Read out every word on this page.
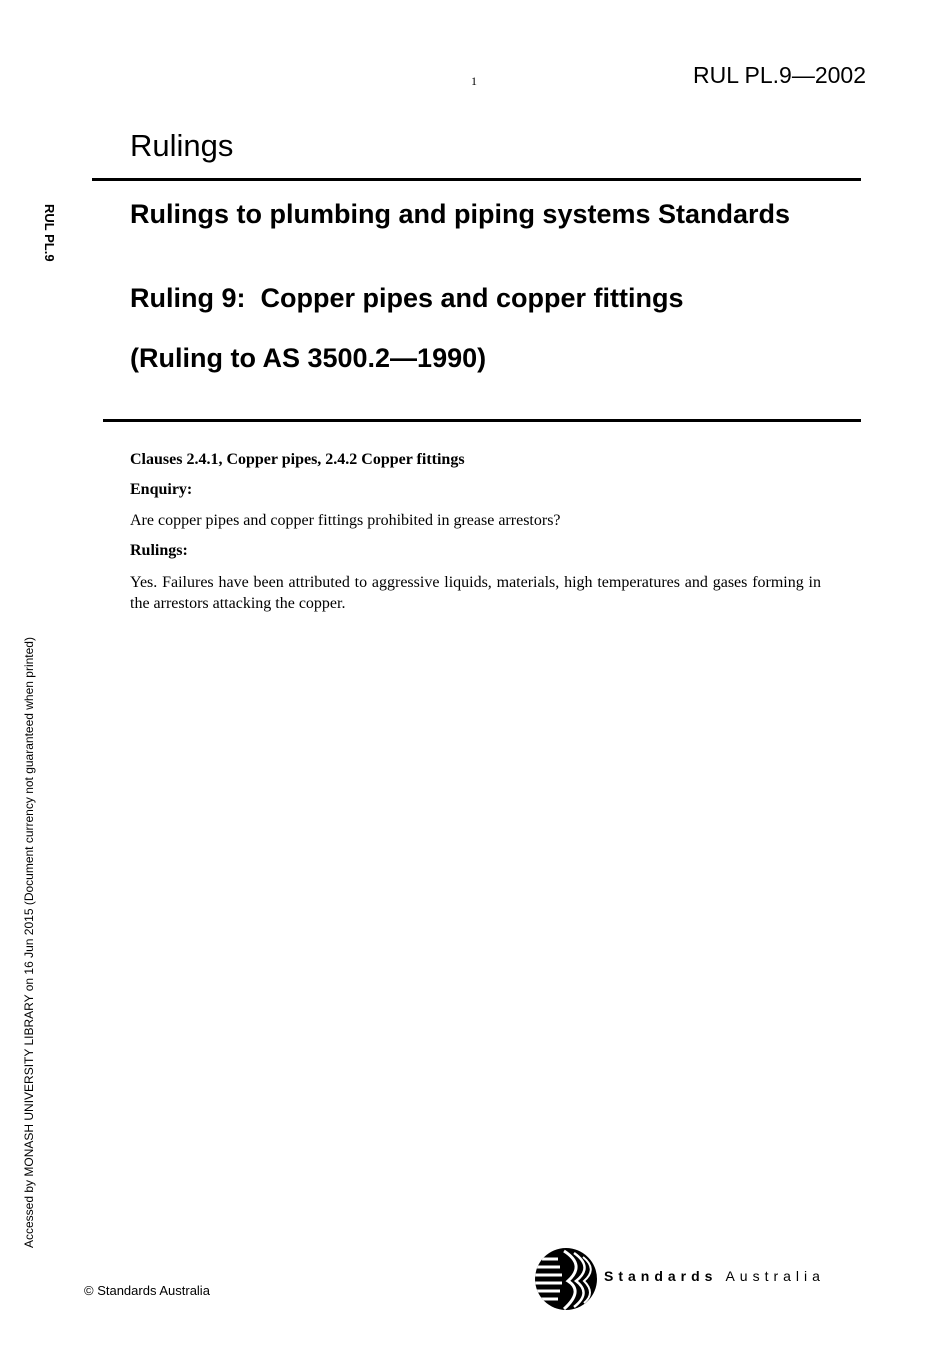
1	RUL PL.9—2002
Rulings
RUL PL.9
Accessed by MONASH UNIVERSITY LIBRARY on 16 Jun 2015 (Document currency not guaranteed when printed)
Rulings to plumbing and piping systems Standards
Ruling 9:  Copper pipes and copper fittings
(Ruling to AS 3500.2—1990)
Clauses 2.4.1, Copper pipes, 2.4.2 Copper fittings
Enquiry:
Are copper pipes and copper fittings prohibited in grease arrestors?
Rulings:
Yes. Failures have been attributed to aggressive liquids, materials, high temperatures and gases forming in the arrestors attacking the copper.
© Standards Australia
Standards Australia
